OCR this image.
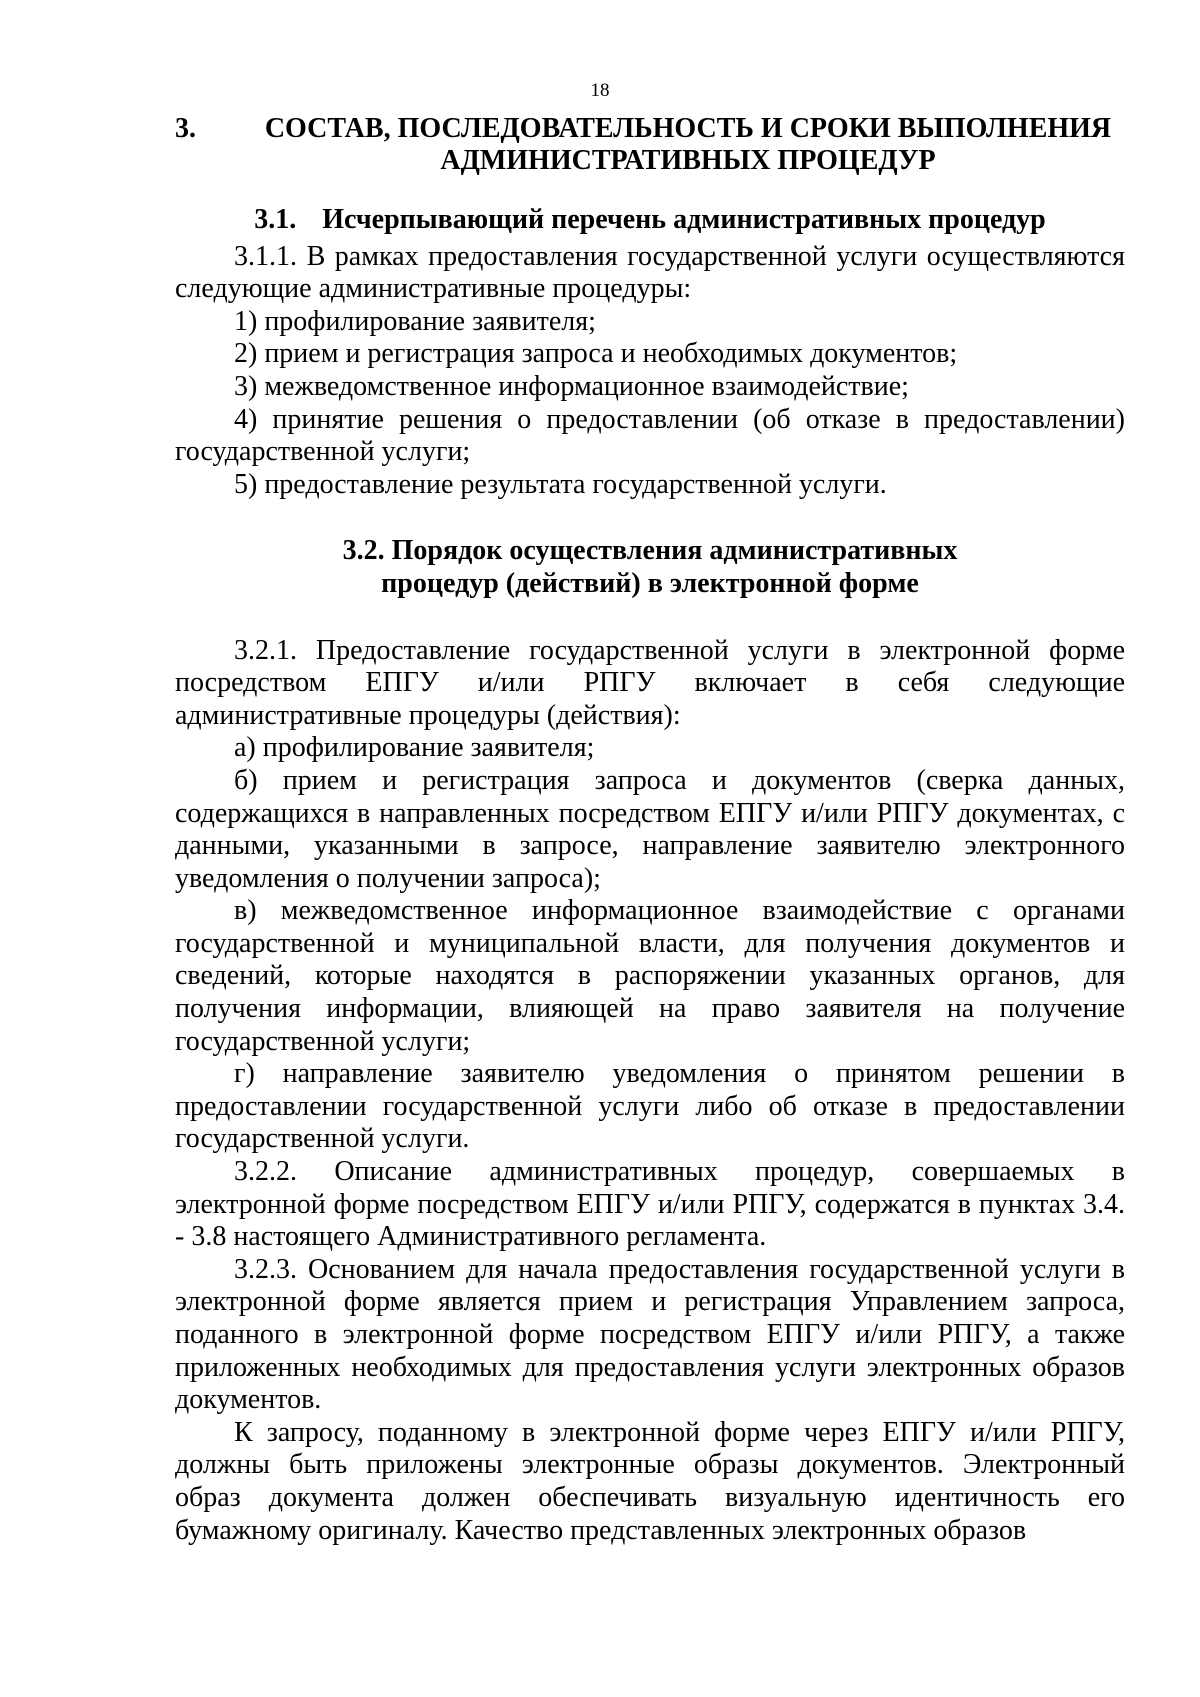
18
3.	СОСТАВ, ПОСЛЕДОВАТЕЛЬНОСТЬ И СРОКИ ВЫПОЛНЕНИЯ
АДМИНИСТРАТИВНЫХ ПРОЦЕДУР
3.1. Исчерпывающий перечень административных процедур

3.1.1. В рамках предоставления государственной услуги осуществляются следующие административные процедуры:

1) профилирование заявителя;

2) прием и регистрация запроса и необходимых документов;

3) межведомственное информационное взаимодействие;

4) принятие решения о предоставлении (об отказе в предоставлении) государственной услуги;

5) предоставление результата государственной услуги.

3.2. Порядок осуществления административных
процедур (действий) в электронной форме

3.2.1. Предоставление государственной услуги в электронной форме посредством ЕПГУ и/или РПГУ включает в себя следующие административные процедуры (действия):

а) профилирование заявителя;

б) прием и регистрация запроса и документов (сверка данных, содержащихся в направленных посредством ЕПГУ и/или РПГУ документах, с данными, указанными в запросе, направление заявителю электронного уведомления о получении запроса);

в) межведомственное информационное взаимодействие с органами государственной и муниципальной власти, для получения документов и сведений, которые находятся в распоряжении указанных органов, для получения информации, влияющей на право заявителя на получение государственной услуги;

г) направление заявителю уведомления о принятом решении в предоставлении государственной услуги либо об отказе в предоставлении государственной услуги.

3.2.2. Описание административных процедур, совершаемых в электронной форме посредством ЕПГУ и/или РПГУ, содержатся в пунктах 3.4. - 3.8 настоящего Административного регламента.

3.2.3. Основанием для начала предоставления государственной услуги в электронной форме является прием и регистрация Управлением запроса, поданного в электронной форме посредством ЕПГУ и/или РПГУ, а также приложенных необходимых для предоставления услуги электронных образов документов.

К запросу, поданному в электронной форме через ЕПГУ и/или РПГУ, должны быть приложены электронные образы документов. Электронный образ документа должен обеспечивать визуальную идентичность его бумажному оригиналу. Качество представленных электронных образов
